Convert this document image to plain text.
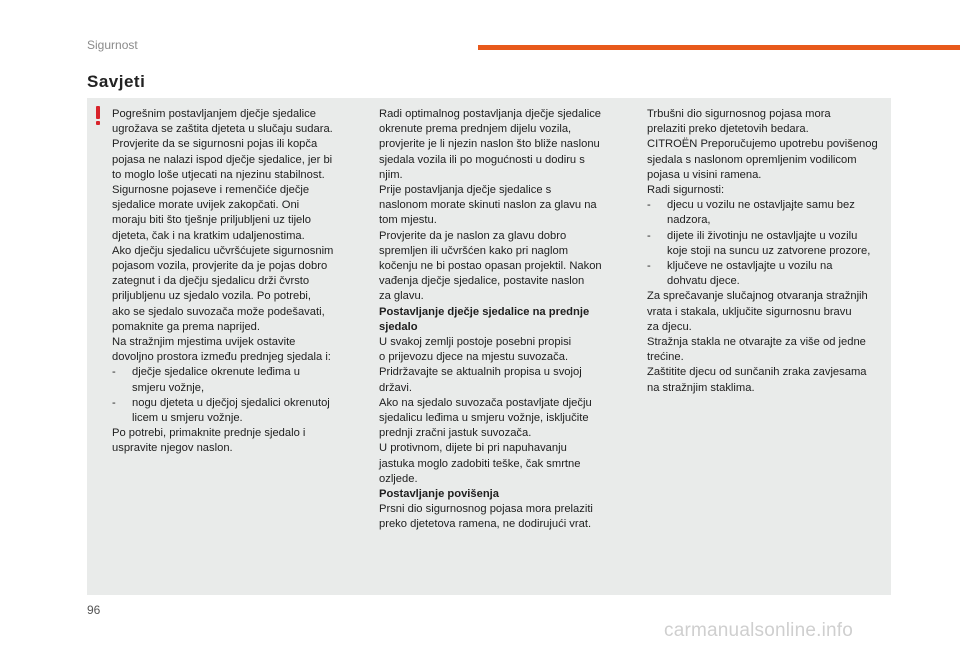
Sigurnost
Savjeti

Pogrešnim postavljanjem dječje sjedalice

ugrožava se zaštita djeteta u slučaju sudara.

Provjerite da se sigurnosni pojas ili kopča

pojasa ne nalazi ispod dječje sjedalice, jer bi

to moglo loše utjecati na njezinu stabilnost.

Sigurnosne pojaseve i remenčiće dječje

sjedalice morate uvijek zakopčati. Oni

moraju biti što tješnje priljubljeni uz tijelo

djeteta, čak i na kratkim udaljenostima.

Ako dječju sjedalicu učvršćujete sigurnosnim

pojasom vozila, provjerite da je pojas dobro

zategnut i da dječju sjedalicu drži čvrsto

priljubljenu uz sjedalo vozila. Po potrebi,

ako se sjedalo suvozača može podešavati,

pomaknite ga prema naprijed.

Na stražnjim mjestima uvijek ostavite

dovoljno prostora između prednjeg sjedala i:

- dječje sjedalice okrenute leđima u

smjeru vožnje,

- nogu djeteta u dječjoj sjedalici okrenutoj

licem u smjeru vožnje.

Po potrebi, primaknite prednje sjedalo i

uspravite njegov naslon.

Radi optimalnog postavljanja dječje sjedalice

okrenute prema prednjem dijelu vozila,

provjerite je li njezin naslon što bliže naslonu

sjedala vozila ili po mogućnosti u dodiru s

njim.

Prije postavljanja dječje sjedalice s

naslonom morate skinuti naslon za glavu na

tom mjestu.

Provjerite da je naslon za glavu dobro

spremljen ili učvršćen kako pri naglom

kočenju ne bi postao opasan projektil. Nakon

vađenja dječje sjedalice, postavite naslon

za glavu.

Postavljanje dječje sjedalice na prednje

sjedalo

U svakoj zemlji postoje posebni propisi

o prijevozu djece na mjestu suvozača.

Pridržavajte se aktualnih propisa u svojoj

državi.

Ako na sjedalo suvozača postavljate dječju

sjedalicu leđima u smjeru vožnje, isključite

prednji zračni jastuk suvozača.

U protivnom, dijete bi pri napuhavanju

jastuka moglo zadobiti teške, čak smrtne

ozljede.

Postavljanje povišenja

Prsni dio sigurnosnog pojasa mora prelaziti

preko djetetova ramena, ne dodirujući vrat.

Trbušni dio sigurnosnog pojasa mora

prelaziti preko djetetovih bedara.

CITROËN Preporučujemo upotrebu povišenog

sjedala s naslonom opremljenim vodilicom

pojasa u visini ramena.

Radi sigurnosti:

- djecu u vozilu ne ostavljajte samu bez

nadzora,

- dijete ili životinju ne ostavljajte u vozilu

koje stoji na suncu uz zatvorene prozore,

- ključeve ne ostavljajte u vozilu na

dohvatu djece.

Za sprečavanje slučajnog otvaranja stražnjih

vrata i stakala, uključite sigurnosnu bravu

za djecu.

Stražnja stakla ne otvarajte za više od jedne

trećine.

Zaštitite djecu od sunčanih zraka zavjesama

na stražnjim staklima.

96
carmanualsonline.info
